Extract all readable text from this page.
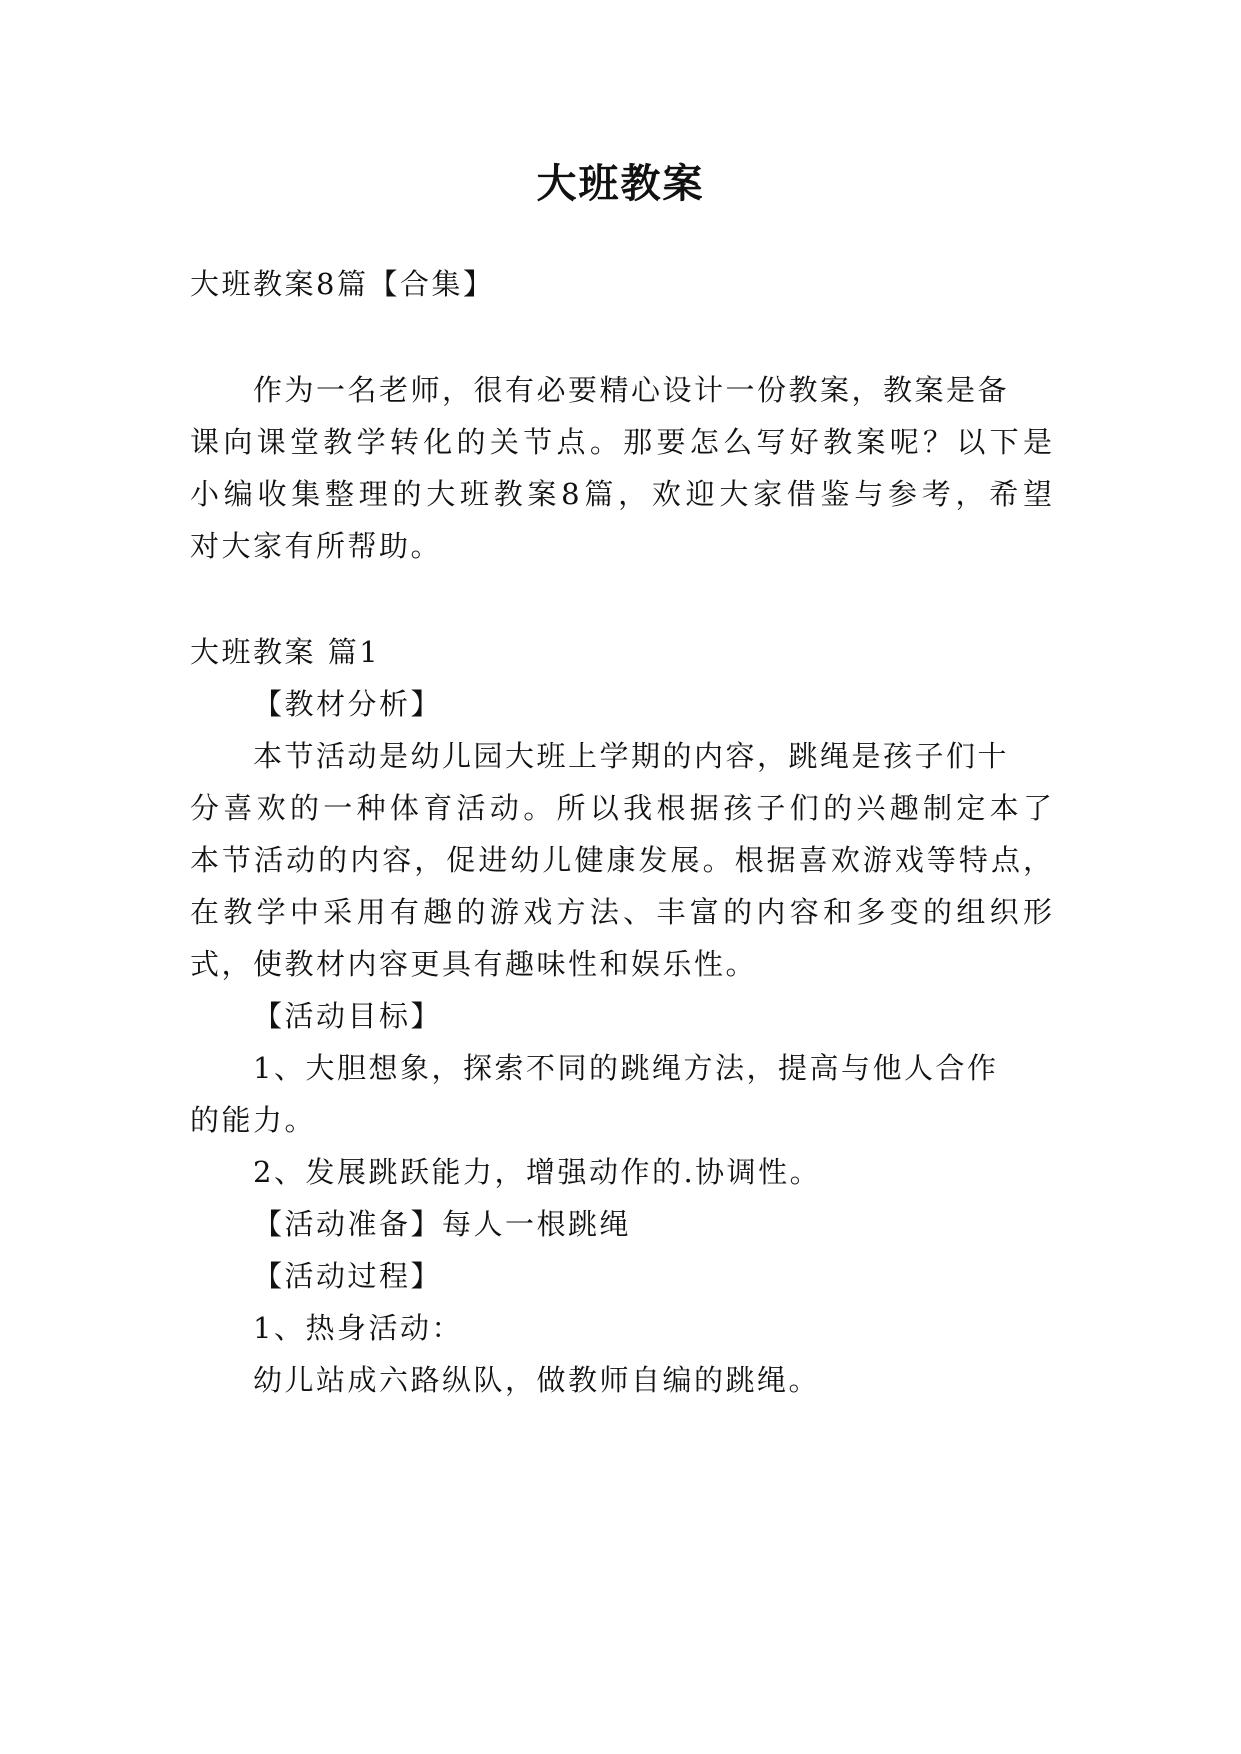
大班教案
大班教案8篇【合集】
作为一名老师，很有必要精心设计一份教案，教案是备
课向课堂教学转化的关节点。那要怎么写好教案呢？以下是
小编收集整理的大班教案8篇，欢迎大家借鉴与参考，希望
对大家有所帮助。
大班教案 篇1
【教材分析】
本节活动是幼儿园大班上学期的内容，跳绳是孩子们十
分喜欢的一种体育活动。所以我根据孩子们的兴趣制定本了
本节活动的内容，促进幼儿健康发展。根据喜欢游戏等特点，
在教学中采用有趣的游戏方法、丰富的内容和多变的组织形
式，使教材内容更具有趣味性和娱乐性。
【活动目标】
1、大胆想象，探索不同的跳绳方法，提高与他人合作
的能力。
2、发展跳跃能力，增强动作的.协调性。
【活动准备】每人一根跳绳
【活动过程】
1、热身活动：
幼儿站成六路纵队，做教师自编的跳绳。
